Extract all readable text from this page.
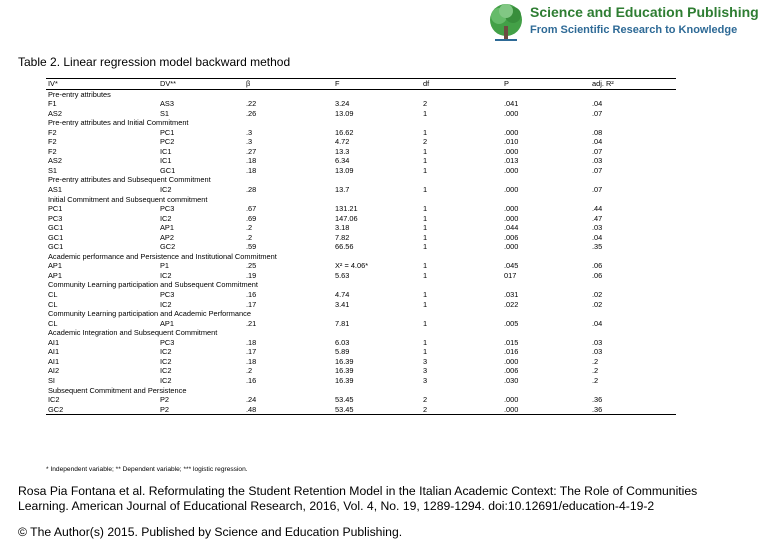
Science and Education Publishing
From Scientific Research to Knowledge
Table 2. Linear regression model backward method
IV*	DV**	β	F	df	P	adj. R²
Pre-entry attributes
F1	AS3	.22	3.24	2	.041	.04
AS2	S1	.26	13.09	1	.000	.07
Pre-entry attributes and Initial Commitment
F2	PC1	.3	16.62	1	.000	.08
F2	PC2	.3	4.72	2	.010	.04
F2	IC1	.27	13.3	1	.000	.07
AS2	IC1	.18	6.34	1	.013	.03
S1	GC1	.18	13.09	1	.000	.07
Pre-entry attributes and Subsequent Commitment
AS1	IC2	.28	13.7	1	.000	.07
Initial Commitment and Subsequent commitment
PC1	PC3	.67	131.21	1	.000	.44
PC3	IC2	.69	147.06	1	.000	.47
GC1	AP1	.2	3.18	1	.044	.03
GC1	AP2	.2	7.82	1	.006	.04
GC1	GC2	.59	66.56	1	.000	.35
Academic performance and Persistence and Institutional Commitment
AP1	P1	.25	X² = 4.06*	1	.045	.06
AP1	IC2	.19	5.63	1	017	.06
Community Learning participation and Subsequent Commitment
CL	PC3	.16	4.74	1	.031	.02
CL	IC2	.17	3.41	1	.022	.02
Community Learning participation and Academic Performance
CL	AP1	.21	7.81	1	.005	.04
Academic Integration and Subsequent Commitment
AI1	PC3	.18	6.03	1	.015	.03
AI1	IC2	.17	5.89	1	.016	.03
AI1	IC2	.18	16.39	3	.000	.2
AI2	IC2	.2	16.39	3	.006	.2
SI	IC2	.16	16.39	3	.030	.2
Subsequent Commitment and Persistence
IC2	P2	.24	53.45	2	.000	.36
GC2	P2	.48	53.45	2	.000	.36
* Independent variable; ** Dependent variable; *** logistic regression.
Rosa Pia Fontana et al. Reformulating the Student Retention Model in the Italian Academic Context: The Role of Communities Learning. American Journal of Educational Research, 2016, Vol. 4, No. 19, 1289-1294. doi:10.12691/education-4-19-2
© The Author(s) 2015. Published by Science and Education Publishing.
